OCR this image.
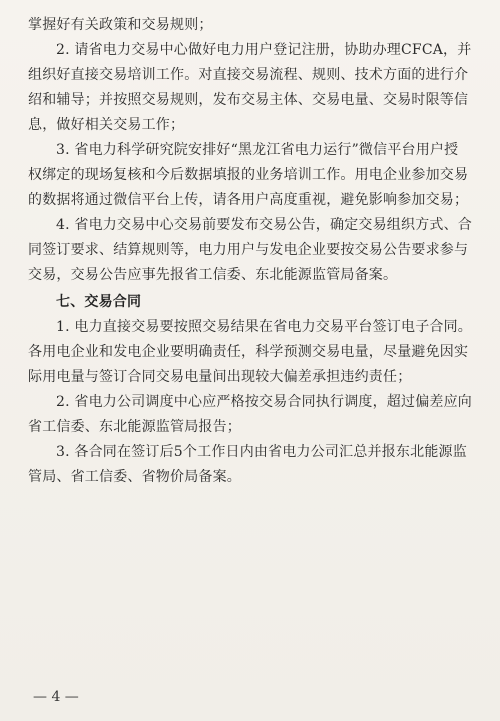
掌握好有关政策和交易规则；

2. 请省电力交易中心做好电力用户登记注册，协助办理CFCA，并组织好直接交易培训工作。对直接交易流程、规则、技术方面的进行介绍和辅导；并按照交易规则，发布交易主体、交易电量、交易时限等信息，做好相关交易工作；

3. 省电力科学研究院安排好“黑龙江省电力运行”微信平台用户授权绑定的现场复核和今后数据填报的业务培训工作。用电企业参加交易的数据将通过微信平台上传，请各用户高度重视，避免影响参加交易；

4. 省电力交易中心交易前要发布交易公告，确定交易组织方式、合同签订要求、结算规则等，电力用户与发电企业要按交易公告要求参与交易，交易公告应事先报省工信委、东北能源监管局备案。

七、交易合同

1. 电力直接交易要按照交易结果在省电力交易平台签订电子合同。各用电企业和发电企业要明确责任，科学预测交易电量，尽量避免因实际用电量与签订合同交易电量间出现较大偏差承担违约责任；

2. 省电力公司调度中心应严格按交易合同执行调度，超过偏差应向省工信委、东北能源监管局报告；

3. 各合同在签订后5个工作日内由省电力公司汇总并报东北能源监管局、省工信委、省物价局备案。

— 4 —
